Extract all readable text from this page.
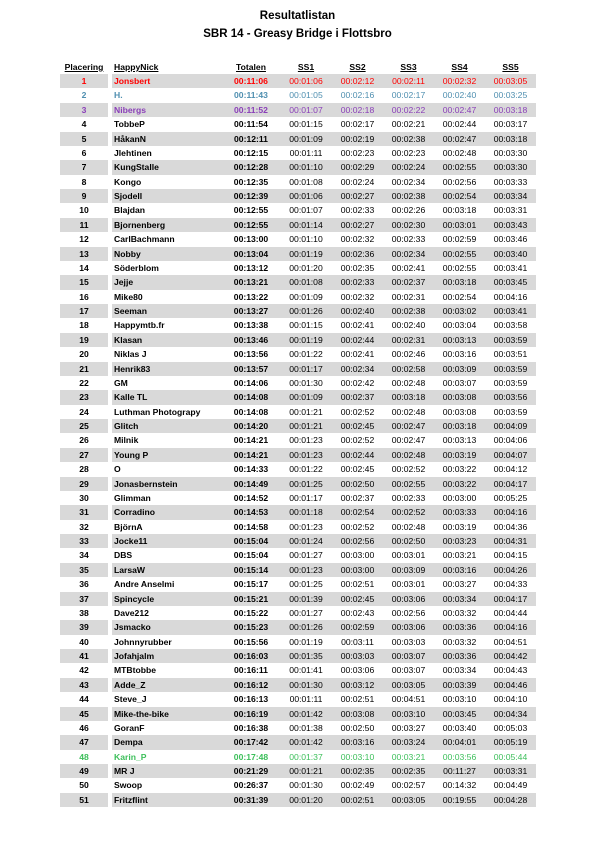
Resultatlistan
SBR 14 - Greasy Bridge i Flottsbro
Placering		HappyNick	Totalen	SS1	SS2	SS3	SS4	SS5
1		Jonsbert	00:11:06	00:01:06	00:02:12	00:02:11	00:02:32	00:03:05
2		H.	00:11:43	00:01:05	00:02:16	00:02:17	00:02:40	00:03:25
3		Nibergs	00:11:52	00:01:07	00:02:18	00:02:22	00:02:47	00:03:18
4		TobbeP	00:11:54	00:01:15	00:02:17	00:02:21	00:02:44	00:03:17
5		HåkanN	00:12:11	00:01:09	00:02:19	00:02:38	00:02:47	00:03:18
6		Jlehtinen	00:12:15	00:01:11	00:02:23	00:02:23	00:02:48	00:03:30
7		KungStalle	00:12:28	00:01:10	00:02:29	00:02:24	00:02:55	00:03:30
8		Kongo	00:12:35	00:01:08	00:02:24	00:02:34	00:02:56	00:03:33
9		Sjodell	00:12:39	00:01:06	00:02:27	00:02:38	00:02:54	00:03:34
10		Blajdan	00:12:55	00:01:07	00:02:33	00:02:26	00:03:18	00:03:31
11		Bjornenberg	00:12:55	00:01:14	00:02:27	00:02:30	00:03:01	00:03:43
12		CarlBachmann	00:13:00	00:01:10	00:02:32	00:02:33	00:02:59	00:03:46
13		Nobby	00:13:04	00:01:19	00:02:36	00:02:34	00:02:55	00:03:40
14		Söderblom	00:13:12	00:01:20	00:02:35	00:02:41	00:02:55	00:03:41
15		Jejje	00:13:21	00:01:08	00:02:33	00:02:37	00:03:18	00:03:45
16		Mike80	00:13:22	00:01:09	00:02:32	00:02:31	00:02:54	00:04:16
17		Seeman	00:13:27	00:01:26	00:02:40	00:02:38	00:03:02	00:03:41
18		Happymtb.fr	00:13:38	00:01:15	00:02:41	00:02:40	00:03:04	00:03:58
19		Klasan	00:13:46	00:01:19	00:02:44	00:02:31	00:03:13	00:03:59
20		Niklas J	00:13:56	00:01:22	00:02:41	00:02:46	00:03:16	00:03:51
21		Henrik83	00:13:57	00:01:17	00:02:34	00:02:58	00:03:09	00:03:59
22		GM	00:14:06	00:01:30	00:02:42	00:02:48	00:03:07	00:03:59
23		Kalle TL	00:14:08	00:01:09	00:02:37	00:03:18	00:03:08	00:03:56
24		Luthman Photograpy	00:14:08	00:01:21	00:02:52	00:02:48	00:03:08	00:03:59
25		Glitch	00:14:20	00:01:21	00:02:45	00:02:47	00:03:18	00:04:09
26		Milnik	00:14:21	00:01:23	00:02:52	00:02:47	00:03:13	00:04:06
27		Young P	00:14:21	00:01:23	00:02:44	00:02:48	00:03:19	00:04:07
28		O	00:14:33	00:01:22	00:02:45	00:02:52	00:03:22	00:04:12
29		Jonasbernstein	00:14:49	00:01:25	00:02:50	00:02:55	00:03:22	00:04:17
30		Glimman	00:14:52	00:01:17	00:02:37	00:02:33	00:03:00	00:05:25
31		Corradino	00:14:53	00:01:18	00:02:54	00:02:52	00:03:33	00:04:16
32		BjörnA	00:14:58	00:01:23	00:02:52	00:02:48	00:03:19	00:04:36
33		Jocke11	00:15:04	00:01:24	00:02:56	00:02:50	00:03:23	00:04:31
34		DBS	00:15:04	00:01:27	00:03:00	00:03:01	00:03:21	00:04:15
35		LarsaW	00:15:14	00:01:23	00:03:00	00:03:09	00:03:16	00:04:26
36		Andre Anselmi	00:15:17	00:01:25	00:02:51	00:03:01	00:03:27	00:04:33
37		Spincycle	00:15:21	00:01:39	00:02:45	00:03:06	00:03:34	00:04:17
38		Dave212	00:15:22	00:01:27	00:02:43	00:02:56	00:03:32	00:04:44
39		Jsmacko	00:15:23	00:01:26	00:02:59	00:03:06	00:03:36	00:04:16
40		Johnnyrubber	00:15:56	00:01:19	00:03:11	00:03:03	00:03:32	00:04:51
41		Jofahjalm	00:16:03	00:01:35	00:03:03	00:03:07	00:03:36	00:04:42
42		MTBtobbe	00:16:11	00:01:41	00:03:06	00:03:07	00:03:34	00:04:43
43		Adde_Z	00:16:12	00:01:30	00:03:12	00:03:05	00:03:39	00:04:46
44		Steve_J	00:16:13	00:01:11	00:02:51	00:04:51	00:03:10	00:04:10
45		Mike-the-bike	00:16:19	00:01:42	00:03:08	00:03:10	00:03:45	00:04:34
46		GoranF	00:16:38	00:01:38	00:02:50	00:03:27	00:03:40	00:05:03
47		Dempa	00:17:42	00:01:42	00:03:16	00:03:24	00:04:01	00:05:19
48		Karin_P	00:17:48	00:01:37	00:03:10	00:03:21	00:03:56	00:05:44
49		MR J	00:21:29	00:01:21	00:02:35	00:02:35	00:11:27	00:03:31
50		Swoop	00:26:37	00:01:30	00:02:49	00:02:57	00:14:32	00:04:49
51		Fritzflint	00:31:39	00:01:20	00:02:51	00:03:05	00:19:55	00:04:28
